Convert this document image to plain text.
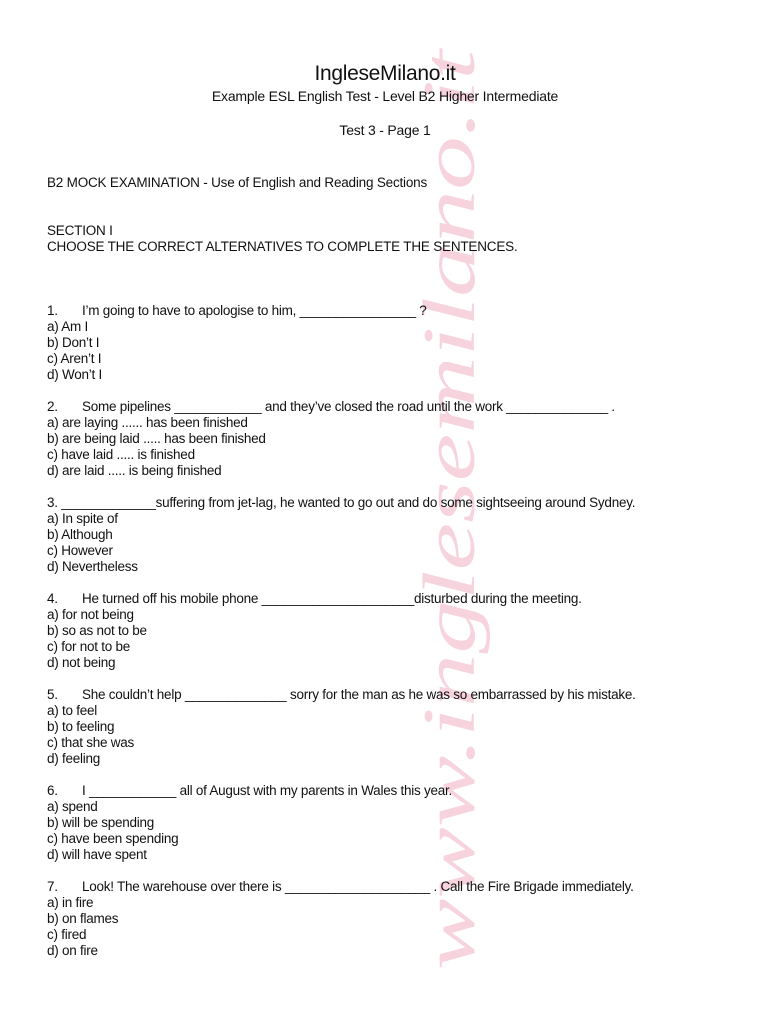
www.inglesemilano.it
IngleseMilano.it
Example ESL English Test - Level B2 Higher Intermediate
Test 3 - Page 1
B2 MOCK EXAMINATION - Use of English and Reading Sections
SECTION I
CHOOSE THE CORRECT ALTERNATIVES TO COMPLETE THE SENTENCES.
1. I’m going to have to apologise to him, ________________ ?
a) Am I
b) Don’t I
c) Aren’t I
d) Won’t I
2. Some pipelines ____________ and they’ve closed the road until the work ______________ .
a) are laying ...... has been finished
b) are being laid ..... has been finished
c) have laid ..... is finished
d) are laid ..... is being finished
3. _____________suffering from jet-lag, he wanted to go out and do some sightseeing around Sydney.
a) In spite of
b) Although
c) However
d) Nevertheless
4. He turned off his mobile phone _____________________disturbed during the meeting.
a) for not being
b) so as not to be
c) for not to be
d) not being
5. She couldn’t help ______________ sorry for the man as he was so embarrassed by his mistake.
a) to feel
b) to feeling
c) that she was
d) feeling
6. I ____________ all of August with my parents in Wales this year.
a) spend
b) will be spending
c) have been spending
d) will have spent
7. Look! The warehouse over there is ____________________ . Call the Fire Brigade immediately.
a) in fire
b) on flames
c) fired
d) on fire
